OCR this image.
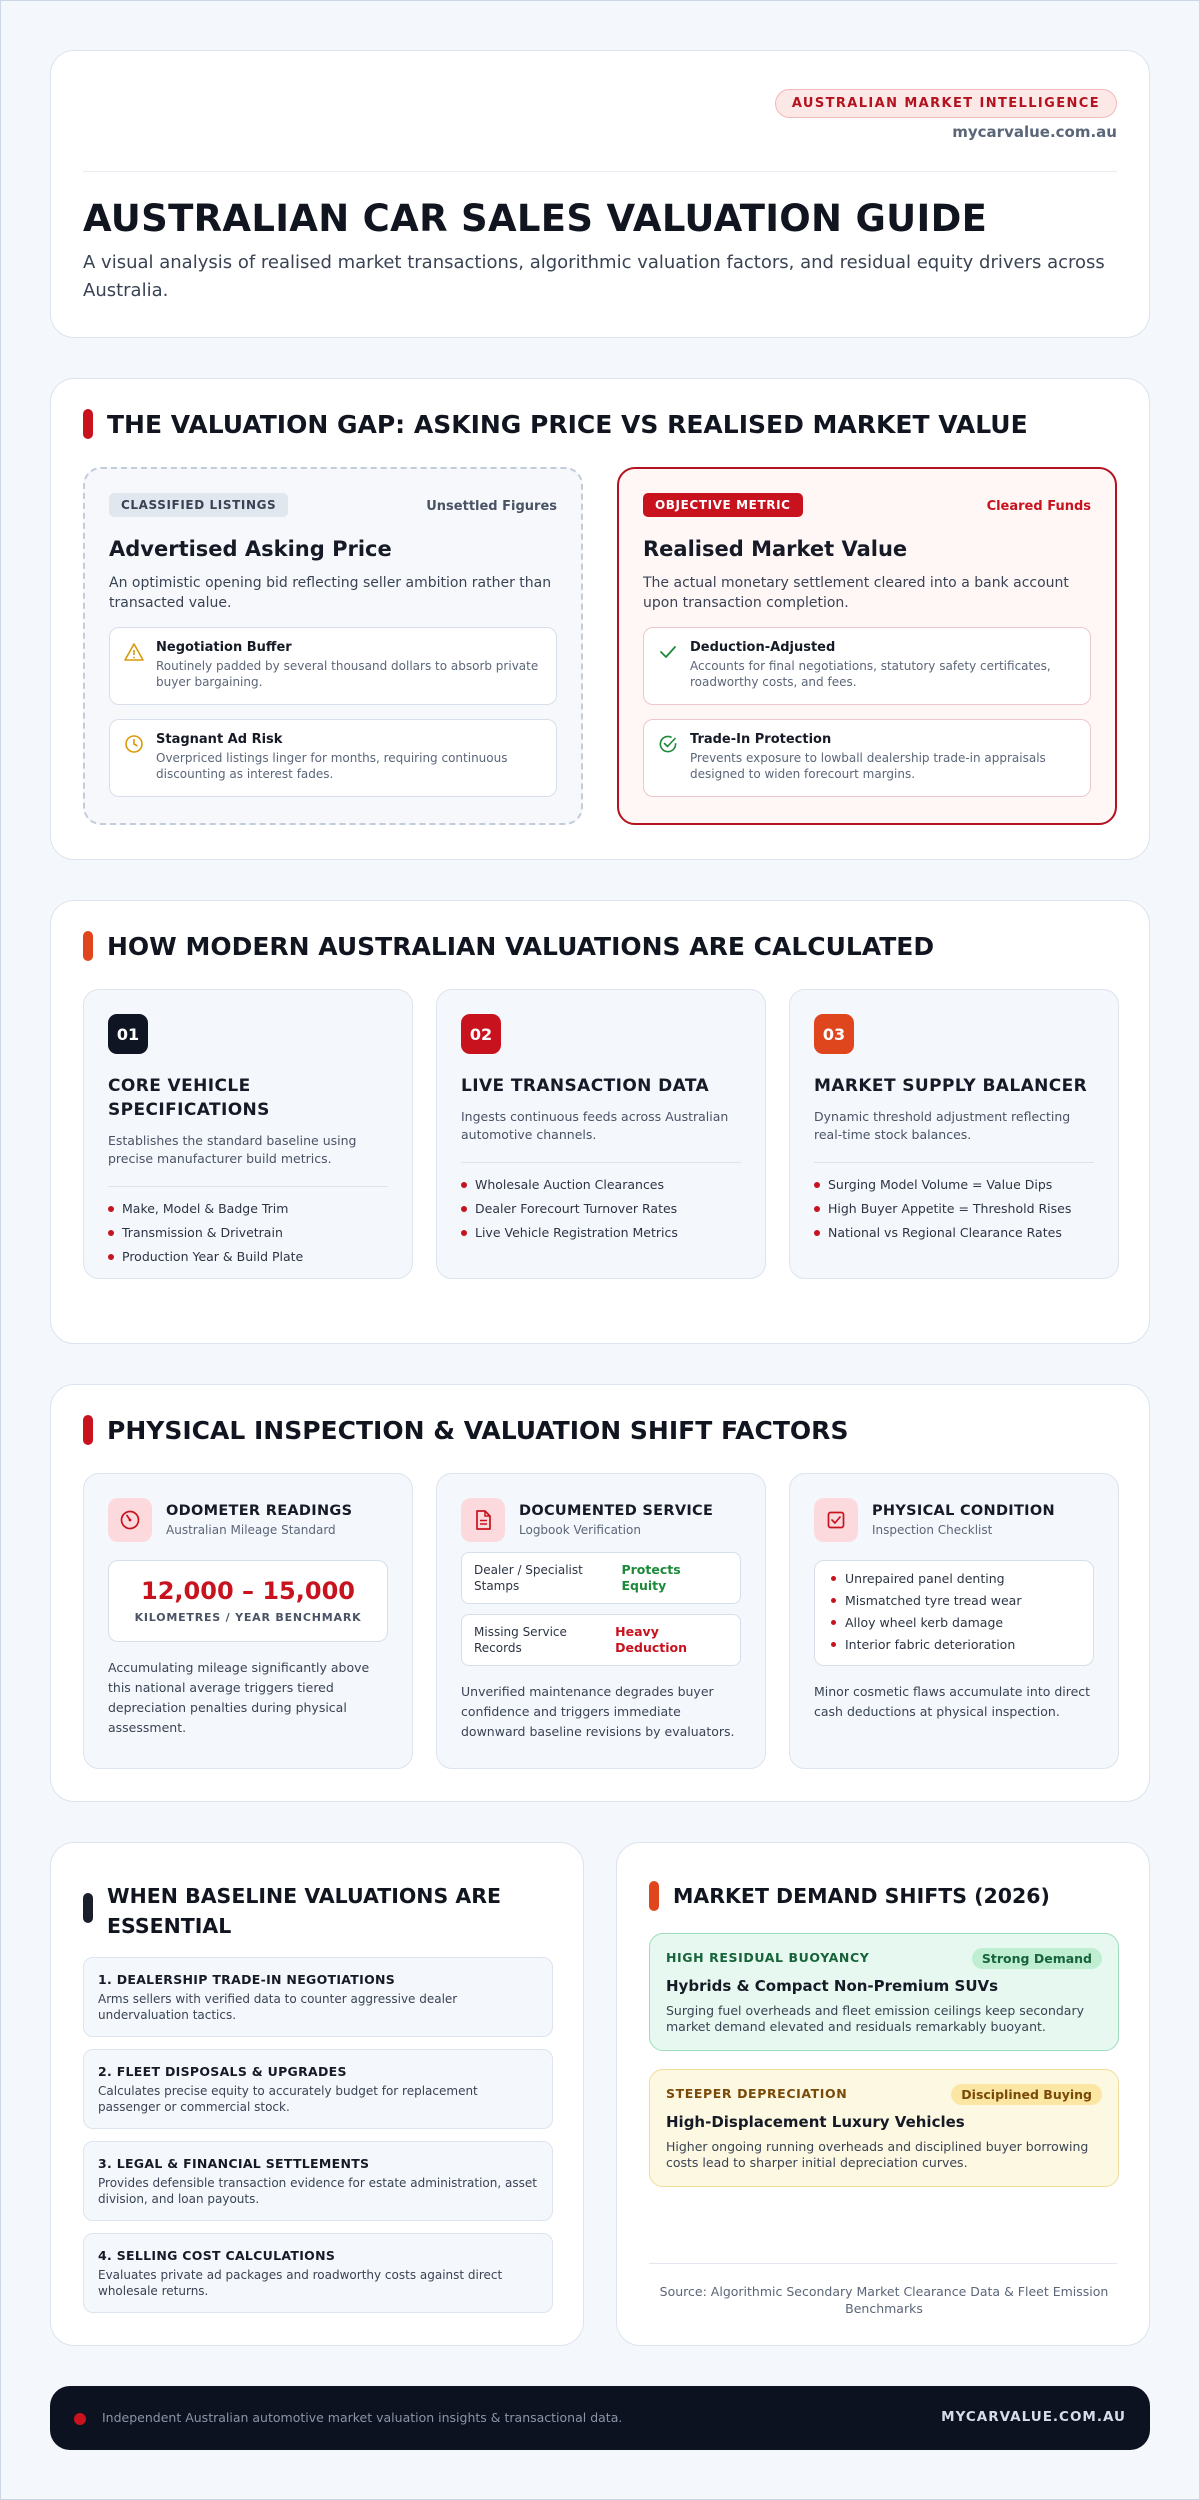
AUSTRALIAN MARKET INTELLIGENCE
mycarvalue.com.au
AUSTRALIAN CAR SALES VALUATION GUIDE
A visual analysis of realised market transactions, algorithmic valuation factors, and residual equity drivers across Australia.
THE VALUATION GAP: ASKING PRICE VS REALISED MARKET VALUE
CLASSIFIED LISTINGS	Unsettled Figures
Advertised Asking Price
An optimistic opening bid reflecting seller ambition rather than transacted value.
Negotiation Buffer
Routinely padded by several thousand dollars to absorb private buyer bargaining.
Stagnant Ad Risk
Overpriced listings linger for months, requiring continuous discounting as interest fades.
OBJECTIVE METRIC	Cleared Funds
Realised Market Value
The actual monetary settlement cleared into a bank account upon transaction completion.
Deduction-Adjusted
Accounts for final negotiations, statutory safety certificates, roadworthy costs, and fees.
Trade-In Protection
Prevents exposure to lowball dealership trade-in appraisals designed to widen forecourt margins.
HOW MODERN AUSTRALIAN VALUATIONS ARE CALCULATED
01
CORE VEHICLE SPECIFICATIONS
Establishes the standard baseline using precise manufacturer build metrics.
Make, Model & Badge Trim
Transmission & Drivetrain
Production Year & Build Plate
02
LIVE TRANSACTION DATA
Ingests continuous feeds across Australian automotive channels.
Wholesale Auction Clearances
Dealer Forecourt Turnover Rates
Live Vehicle Registration Metrics
03
MARKET SUPPLY BALANCER
Dynamic threshold adjustment reflecting real-time stock balances.
Surging Model Volume = Value Dips
High Buyer Appetite = Threshold Rises
National vs Regional Clearance Rates
PHYSICAL INSPECTION & VALUATION SHIFT FACTORS
ODOMETER READINGS
Australian Mileage Standard
12,000 – 15,000
KILOMETRES / YEAR BENCHMARK
Accumulating mileage significantly above this national average triggers tiered depreciation penalties during physical assessment.
DOCUMENTED SERVICE
Logbook Verification
Dealer / Specialist Stamps
Protects Equity
Missing Service Records
Heavy Deduction
Unverified maintenance degrades buyer confidence and triggers immediate downward baseline revisions by evaluators.
PHYSICAL CONDITION
Inspection Checklist
Unrepaired panel denting
Mismatched tyre tread wear
Alloy wheel kerb damage
Interior fabric deterioration
Minor cosmetic flaws accumulate into direct cash deductions at physical inspection.
WHEN BASELINE VALUATIONS ARE ESSENTIAL
1. DEALERSHIP TRADE-IN NEGOTIATIONS
Arms sellers with verified data to counter aggressive dealer undervaluation tactics.
2. FLEET DISPOSALS & UPGRADES
Calculates precise equity to accurately budget for replacement passenger or commercial stock.
3. LEGAL & FINANCIAL SETTLEMENTS
Provides defensible transaction evidence for estate administration, asset division, and loan payouts.
4. SELLING COST CALCULATIONS
Evaluates private ad packages and roadworthy costs against direct wholesale returns.
MARKET DEMAND SHIFTS (2026)
HIGH RESIDUAL BUOYANCY	Strong Demand
Hybrids & Compact Non-Premium SUVs
Surging fuel overheads and fleet emission ceilings keep secondary market demand elevated and residuals remarkably buoyant.
STEEPER DEPRECIATION	Disciplined Buying
High-Displacement Luxury Vehicles
Higher ongoing running overheads and disciplined buyer borrowing costs lead to sharper initial depreciation curves.
Source: Algorithmic Secondary Market Clearance Data & Fleet Emission Benchmarks
Independent Australian automotive market valuation insights & transactional data.	MYCARVALUE.COM.AU
